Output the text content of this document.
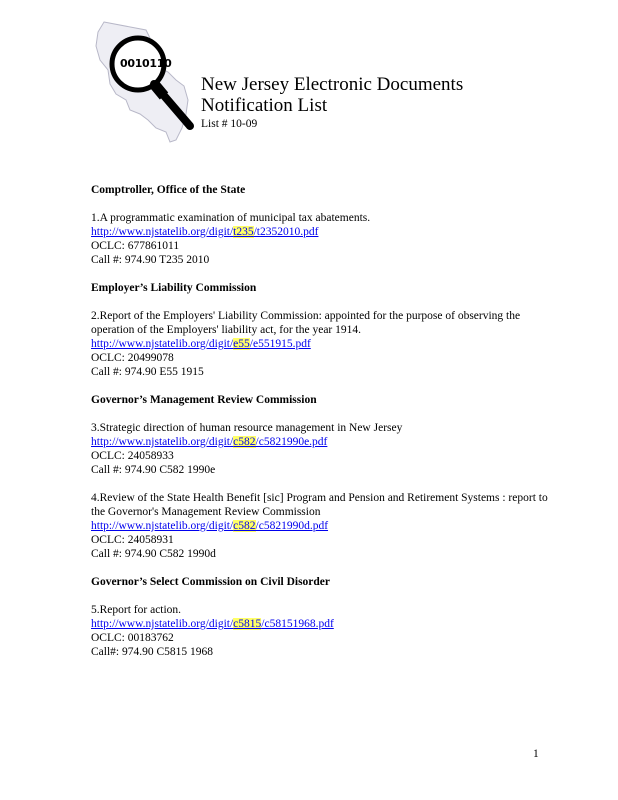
0010110
New Jersey Electronic Documents
Notification List
List # 10-09
Comptroller, Office of the State
1.A programmatic examination of municipal tax abatements.
http://www.njstatelib.org/digit/t235/t2352010.pdf
OCLC: 677861011
Call #: 974.90 T235 2010
Employer’s Liability Commission
2.Report of the Employers' Liability Commission: appointed for the purpose of observing the operation of the Employers' liability act, for the year 1914.
http://www.njstatelib.org/digit/e55/e551915.pdf
OCLC: 20499078
Call #: 974.90 E55 1915
Governor’s Management Review Commission
3.Strategic direction of human resource management in New Jersey
http://www.njstatelib.org/digit/c582/c5821990e.pdf
OCLC: 24058933
Call #: 974.90 C582 1990e
4.Review of the State Health Benefit [sic] Program and Pension and Retirement Systems : report to the Governor's Management Review Commission
http://www.njstatelib.org/digit/c582/c5821990d.pdf
OCLC: 24058931
Call #: 974.90 C582 1990d
Governor’s Select Commission on Civil Disorder
5.Report for action.
http://www.njstatelib.org/digit/c5815/c58151968.pdf
OCLC: 00183762
Call#: 974.90 C5815 1968
1
